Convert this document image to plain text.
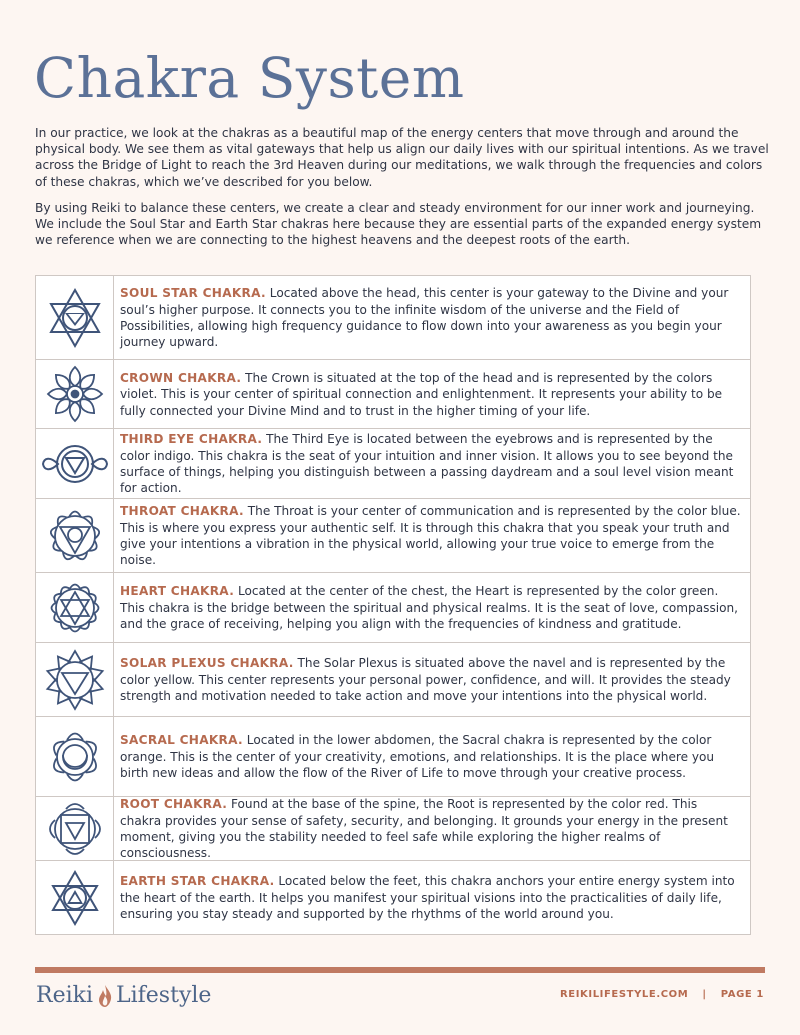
Chakra System

In our practice, we look at the chakras as a beautiful map of the energy centers that move through and around the physical body. We see them as vital gateways that help us align our daily lives with our spiritual intentions. As we travel across the Bridge of Light to reach the 3rd Heaven during our meditations, we walk through the frequencies and colors of these chakras, which we’ve described for you below.

By using Reiki to balance these centers, we create a clear and steady environment for our inner work and journeying. We include the Soul Star and Earth Star chakras here because they are essential parts of the expanded energy system we reference when we are connecting to the highest heavens and the deepest roots of the earth.

SOUL STAR CHAKRA. Located above the head, this center is your gateway to the Divine and your soul’s higher purpose. It connects you to the infinite wisdom of the universe and the Field of Possibilities, allowing high frequency guidance to flow down into your awareness as you begin your journey upward.
CROWN CHAKRA. The Crown is situated at the top of the head and is represented by the colors violet. This is your center of spiritual connection and enlightenment. It represents your ability to be fully connected your Divine Mind and to trust in the higher timing of your life.
THIRD EYE CHAKRA. The Third Eye is located between the eyebrows and is represented by the color indigo. This chakra is the seat of your intuition and inner vision. It allows you to see beyond the surface of things, helping you distinguish between a passing daydream and a soul level vision meant for action.
THROAT CHAKRA. The Throat is your center of communication and is represented by the color blue. This is where you express your authentic self. It is through this chakra that you speak your truth and give your intentions a vibration in the physical world, allowing your true voice to emerge from the noise.
HEART CHAKRA. Located at the center of the chest, the Heart is represented by the color green. This chakra is the bridge between the spiritual and physical realms. It is the seat of love, compassion, and the grace of receiving, helping you align with the frequencies of kindness and gratitude.
SOLAR PLEXUS CHAKRA. The Solar Plexus is situated above the navel and is represented by the color yellow. This center represents your personal power, confidence, and will. It provides the steady strength and motivation needed to take action and move your intentions into the physical world.
SACRAL CHAKRA. Located in the lower abdomen, the Sacral chakra is represented by the color orange. This is the center of your creativity, emotions, and relationships. It is the place where you birth new ideas and allow the flow of the River of Life to move through your creative process.
ROOT CHAKRA. Found at the base of the spine, the Root is represented by the color red. This chakra provides your sense of safety, security, and belonging. It grounds your energy in the present moment, giving you the stability needed to feel safe while exploring the higher realms of consciousness.
EARTH STAR CHAKRA. Located below the feet, this chakra anchors your entire energy system into the heart of the earth. It helps you manifest your spiritual visions into the practicalities of daily life, ensuring you stay steady and supported by the rhythms of the world around you.
Reiki Lifestyle	REIKILIFESTYLE.COM | PAGE 1
